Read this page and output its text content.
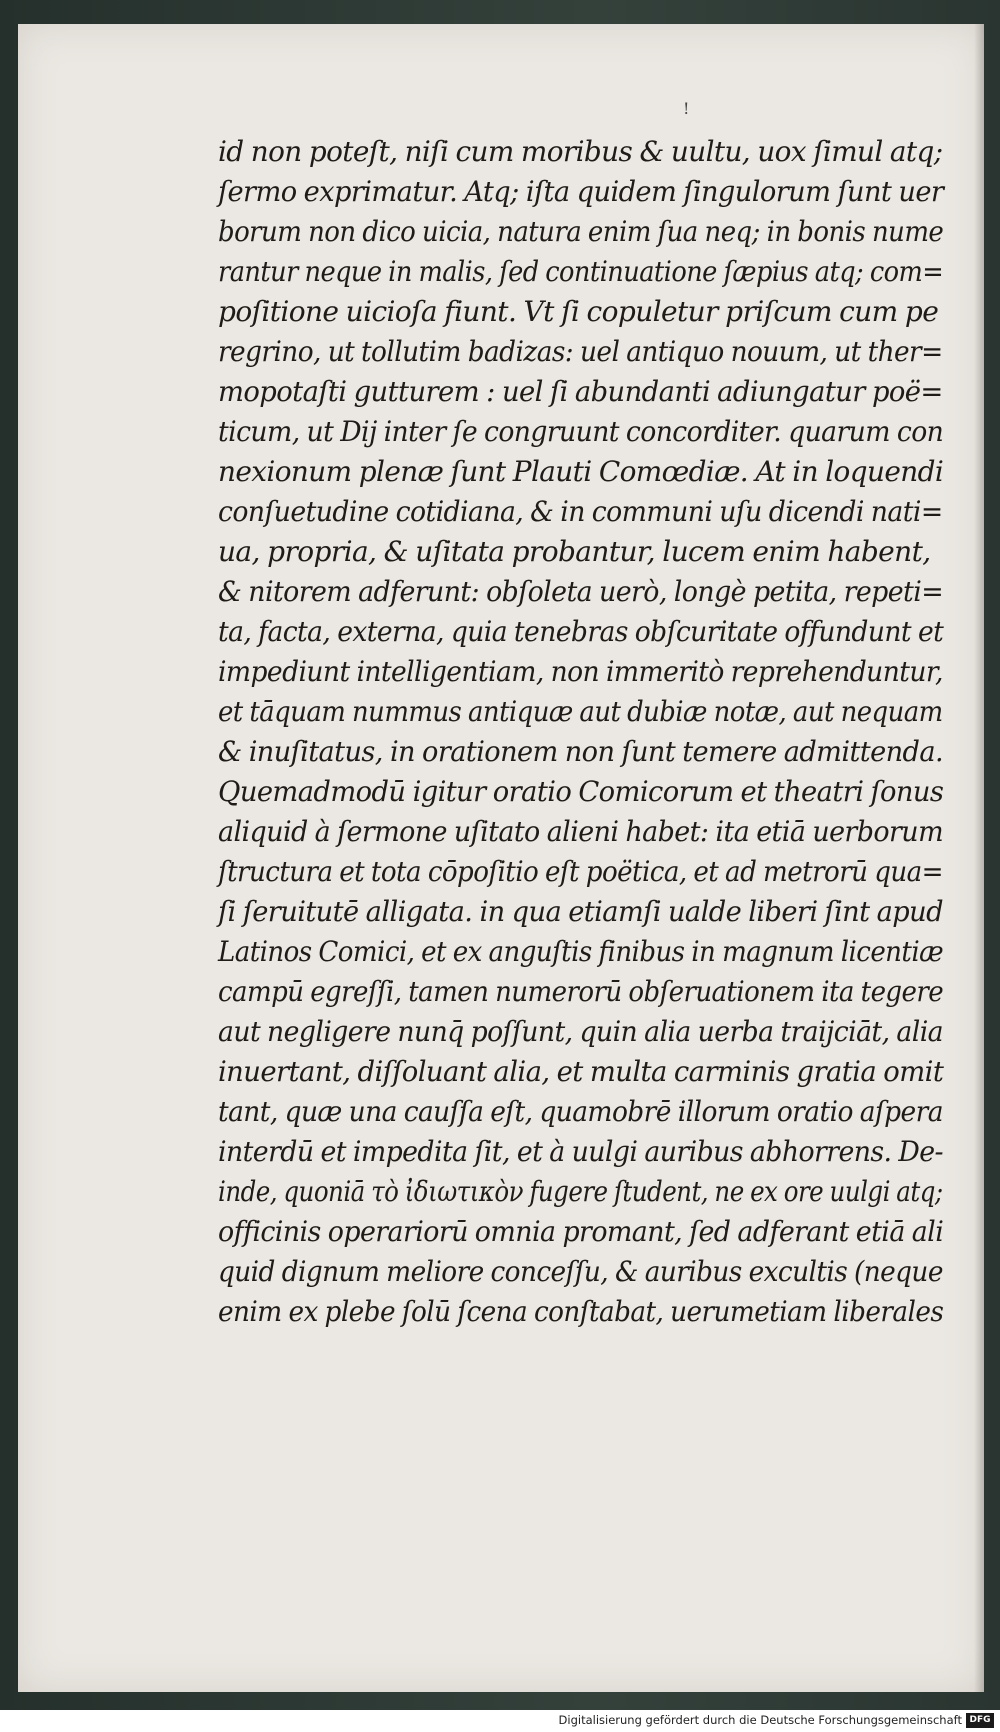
!
id non poteſt, niſi cum moribus & uultu, uox ſimul atq;
ſermo exprimatur. Atq; iſta quidem ſingulorum ſunt uer
borum non dico uicia, natura enim ſua neq; in bonis nume
rantur neque in malis, ſed continuatione ſæpius atq; com=
poſitione uicioſa fiunt. Vt ſi copuletur priſcum cum pe
regrino, ut tollutim badizas: uel antiquo nouum, ut ther=
mopotaſti gutturem : uel ſi abundanti adiungatur poë=
ticum, ut Dij inter ſe congruunt concorditer. quarum con
nexionum plenæ ſunt Plauti Comœdiæ. At in loquendi
conſuetudine cotidiana, & in communi uſu dicendi nati=
ua, propria, & uſitata probantur, lucem enim habent,
& nitorem adferunt: obſoleta uerò, longè petita, repeti=
ta, facta, externa, quia tenebras obſcuritate offundunt et
impediunt intelligentiam, non immeritò reprehenduntur,
et tāquam nummus antiquæ aut dubiæ notæ, aut nequam
& inuſitatus, in orationem non ſunt temere admittenda.
Quemadmodū igitur oratio Comicorum et theatri ſonus
aliquid à ſermone uſitato alieni habet: ita etiā uerborum
ſtructura et tota cōpoſitio eſt poëtica, et ad metrorū qua=
ſi ſeruitutē alligata. in qua etiamſi ualde liberi ſint apud
Latinos Comici, et ex anguſtis finibus in magnum licentiæ
campū egreſſi, tamen numerorū obſeruationem ita tegere
aut negligere nunq̄ poſſunt, quin alia uerba traijciāt, alia
inuertant, diſſoluant alia, et multa carminis gratia omit
tant, quæ una cauſſa eſt, quamobrē illorum oratio aſpera
interdū et impedita ſit, et à uulgi auribus abhorrens. De-
inde, quoniā τὸ ἰδιωτικὸν fugere ſtudent, ne ex ore uulgi atq;
officinis operariorū omnia promant, ſed adferant etiā ali
quid dignum meliore conceſſu, & auribus excultis (neque
enim ex plebe ſolū ſcena conſtabat, uerumetiam liberales
Digitalisierung gefördert durch die Deutsche Forschungsgemeinschaft DFG
